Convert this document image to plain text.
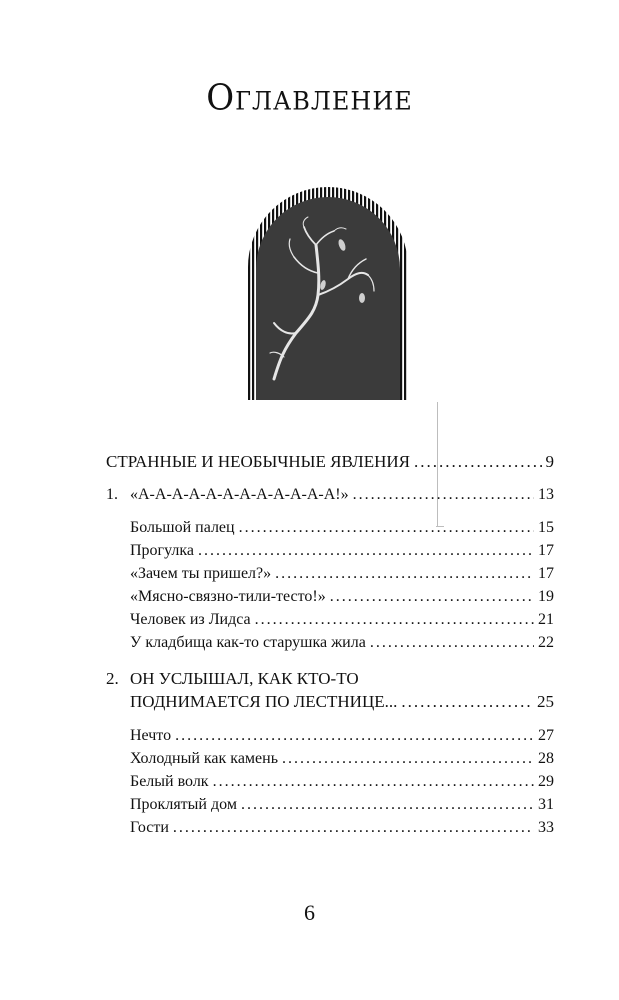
Оглавление
СТРАННЫЕ И НЕОБЫЧНЫЕ ЯВЛЕНИЯ .....	9
1. «А-А-А-А-А-А-А-А-А-А-А-А!» .....	13
Большой палец .....	15
Прогулка .....	17
«Зачем ты пришел?» .....	17
«Мясно-связно-тили-тесто!» .....	19
Человек из Лидса .....	21
У кладбища как-то старушка жила .....	22
2. ОН УСЛЫШАЛ, КАК КТО-ТО
ПОДНИМАЕТСЯ ПО ЛЕСТНИЦЕ... .....	25
Нечто .....	27
Холодный как камень .....	28
Белый волк .....	29
Проклятый дом .....	31
Гости .....	33
6
